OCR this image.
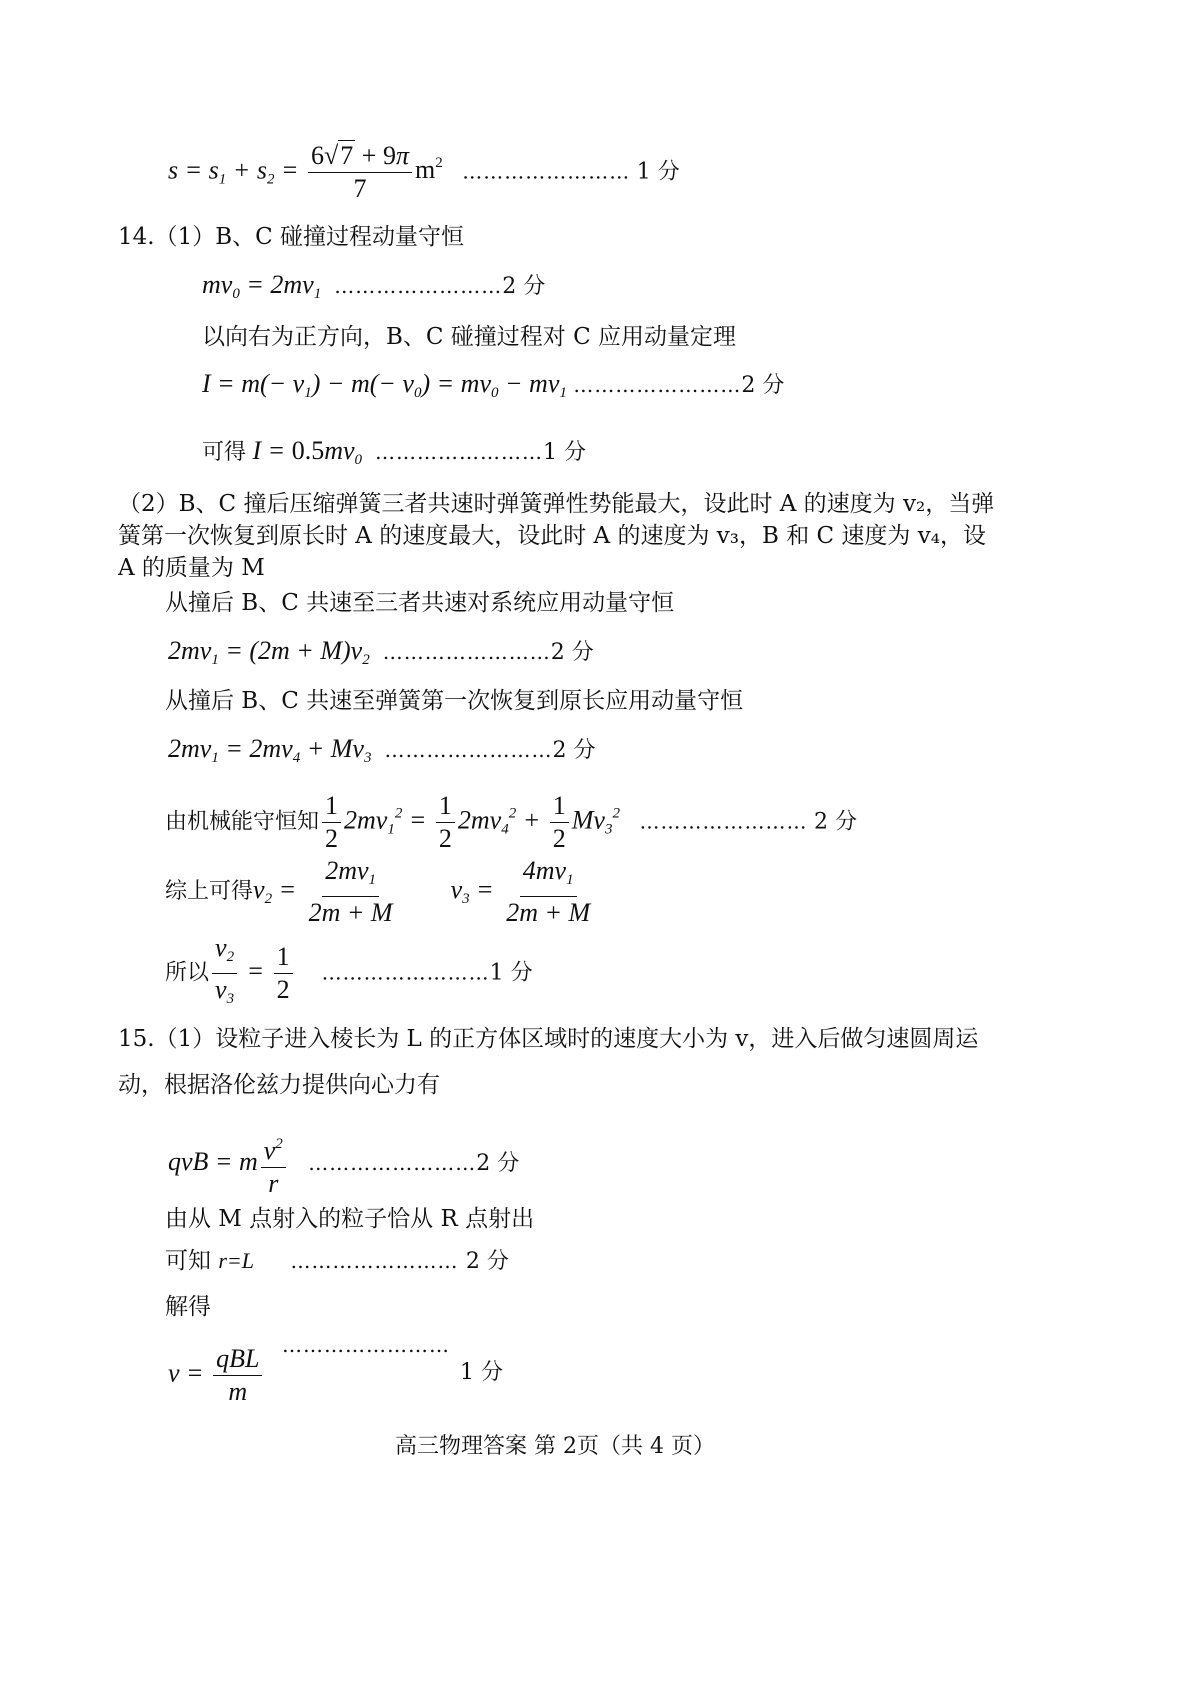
$s = s_1 + s_2 = \frac{6√7 + 9\pi}{7} m^2$ …………………… 1 分
14.（1）B、C 碰撞过程动量守恒
$mv_0 = 2mv_1$ ……………………2 分
以向右为正方向，B、C 碰撞过程对 C 应用动量定理
$I = m(- v_1) - m(- v_0) = mv_0 - mv_1$ ……………………2 分
可得 $I = 0.5mv_0$ ……………………1 分
（2）B、C 撞后压缩弹簧三者共速时弹簧弹性势能最大，设此时 A 的速度为 v₂，当弹簧第一次恢复到原长时 A 的速度最大，设此时 A 的速度为 v₃，B 和 C 速度为 v₄，设 A 的质量为 M
从撞后 B、C 共速至三者共速对系统应用动量守恒
$2mv_1 = (2m + M)v_2$ ……………………2 分
从撞后 B、C 共速至弹簧第一次恢复到原长应用动量守恒
$2mv_1 = 2mv_4 + Mv_3$ ……………………2 分
由机械能守恒知 $\frac{1}{2} 2mv_1^2 = \frac{1}{2} 2mv_4^2 + \frac{1}{2} Mv_3^2$ …………………… 2 分
综上可得$v_2 = \frac{2mv_1}{2m + M} v_3 = \frac{4mv_1}{2m + M}$
所以 $\frac{v_2}{v_3} = \frac{1}{2}$ ……………………1 分
15.（1）设粒子进入棱长为 L 的正方体区域时的速度大小为 v，进入后做匀速圆周运动，根据洛伦兹力提供向心力有
qvB = m $\frac{v^2}{r}$ ……………………2 分
由从 M 点射入的粒子恰从 R 点射出
可知 r=L …………………… 2 分
解得
……………………
$v = \frac{\text{qBL}}{m}$	1 分
高三物理答案 第 2页（共 4 页）
